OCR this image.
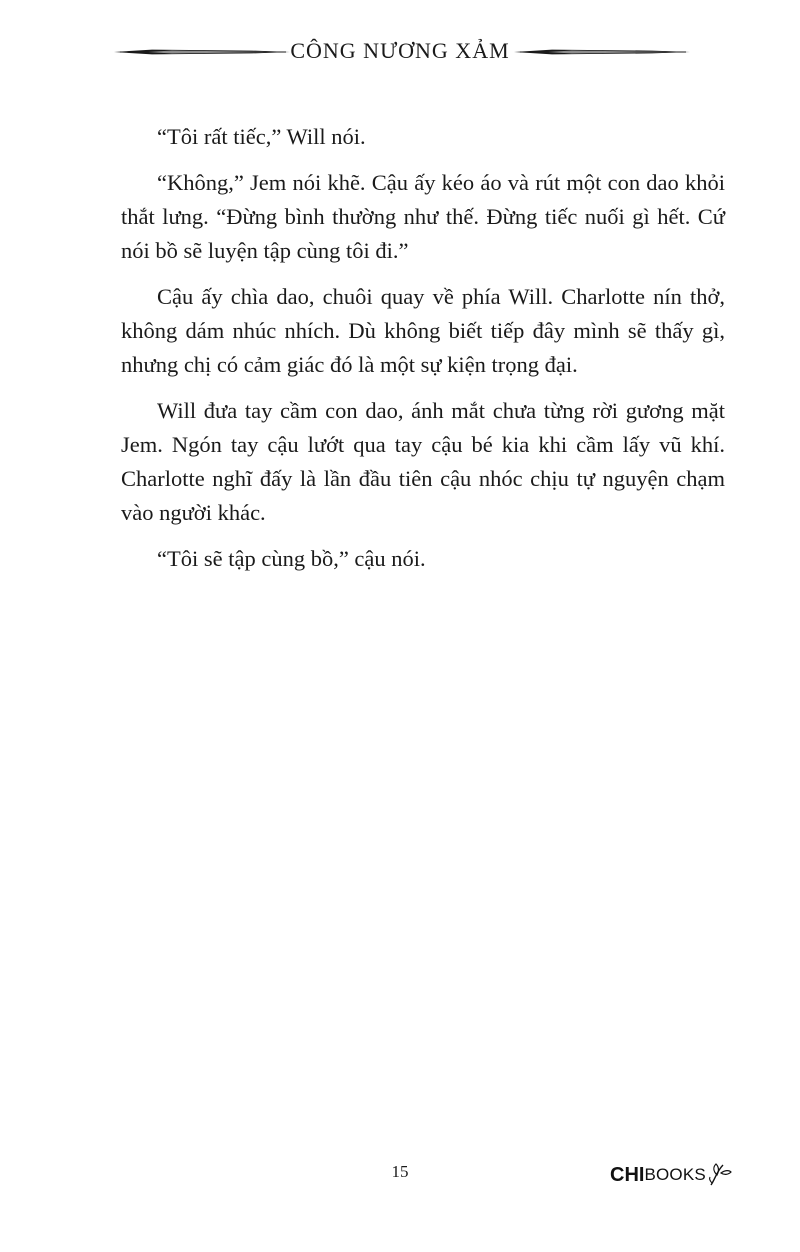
CÔNG NƯƠNG XẢM

“Tôi rất tiếc,” Will nói.

“Không,” Jem nói khẽ. Cậu ấy kéo áo và rút một con dao khỏi thắt lưng. “Đừng bình thường như thế. Đừng tiếc nuối gì hết. Cứ nói bồ sẽ luyện tập cùng tôi đi.”

Cậu ấy chìa dao, chuôi quay về phía Will. Charlotte nín thở, không dám nhúc nhích. Dù không biết tiếp đây mình sẽ thấy gì, nhưng chị có cảm giác đó là một sự kiện trọng đại.

Will đưa tay cầm con dao, ánh mắt chưa từng rời gương mặt Jem. Ngón tay cậu lướt qua tay cậu bé kia khi cầm lấy vũ khí. Charlotte nghĩ đấy là lần đầu tiên cậu nhóc chịu tự nguyện chạm vào người khác.

“Tôi sẽ tập cùng bồ,” cậu nói.

15	CHI BOOKS
